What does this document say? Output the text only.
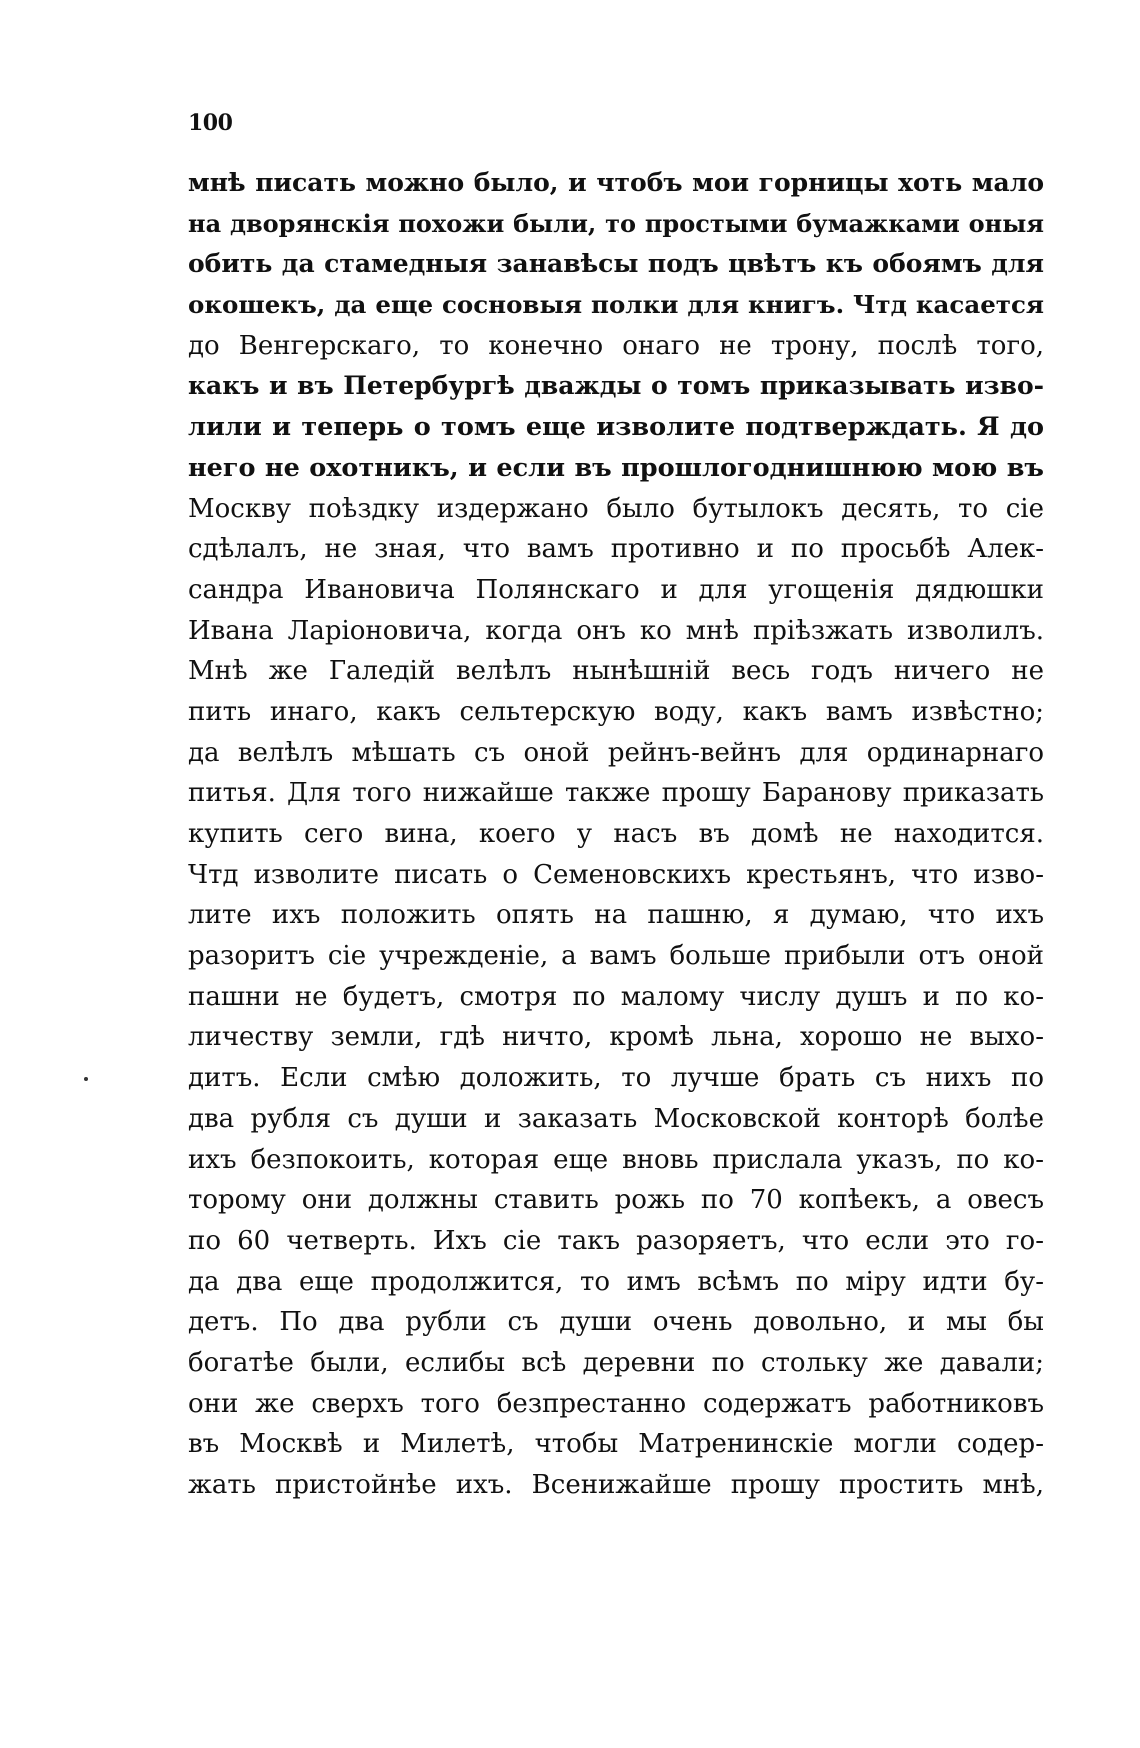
100
мнѣ писать можно было, и чтобъ мои горницы хоть мало
на дворянскія похожи были, то простыми бумажками оныя
обить да стамедныя занавѣсы подъ цвѣтъ къ обоямъ для
окошекъ, да еще сосновыя полки для книгъ. Чтд касается
до Венгерскаго, то конечно онаго не трону, послѣ того,
какъ и въ Петербургѣ дважды о томъ приказывать изво-
лили и теперь о томъ еще изволите подтверждать. Я до
него не охотникъ, и если въ прошлогоднишнюю мою въ
Москву поѣздку издержано было бутылокъ десять, то сіе
сдѣлалъ, не зная, что вамъ противно и по просьбѣ Алек-
сандра Ивановича Полянскаго и для угощенія дядюшки
Ивана Ларіоновича, когда онъ ко мнѣ пріѣзжать изволилъ.
Мнѣ же Галедій велѣлъ нынѣшній весь годъ ничего не
пить инаго, какъ сельтерскую воду, какъ вамъ извѣстно;
да велѣлъ мѣшать съ оной рейнъ-вейнъ для ординарнаго
питья. Для того нижайше также прошу Баранову приказать
купить сего вина, коего у насъ въ домѣ не находится.
Чтд изволите писать о Семеновскихъ крестьянъ, что изво-
лите ихъ положить опять на пашню, я думаю, что ихъ
разоритъ сіе учрежденіе, а вамъ больше прибыли отъ оной
пашни не будетъ, смотря по малому числу душъ и по ко-
личеству земли, гдѣ ничто, кромѣ льна, хорошо не выхо-
дитъ. Если смѣю доложить, то лучше брать съ нихъ по
два рубля съ души и заказать Московской конторѣ болѣе
ихъ безпокоить, которая еще вновь прислала указъ, по ко-
торому они должны ставить рожь по 70 копѣекъ, а овесъ
по 60 четверть. Ихъ сіе такъ разоряетъ, что если это го-
да два еще продолжится, то имъ всѣмъ по міру идти бу-
детъ. По два рубли съ души очень довольно, и мы бы
богатѣе были, еслибы всѣ деревни по стольку же давали;
они же сверхъ того безпрестанно содержатъ работниковъ
въ Москвѣ и Милетѣ, чтобы Матренинскіе могли содер-
жать пристойнѣе ихъ. Всенижайше прошу простить мнѣ,
